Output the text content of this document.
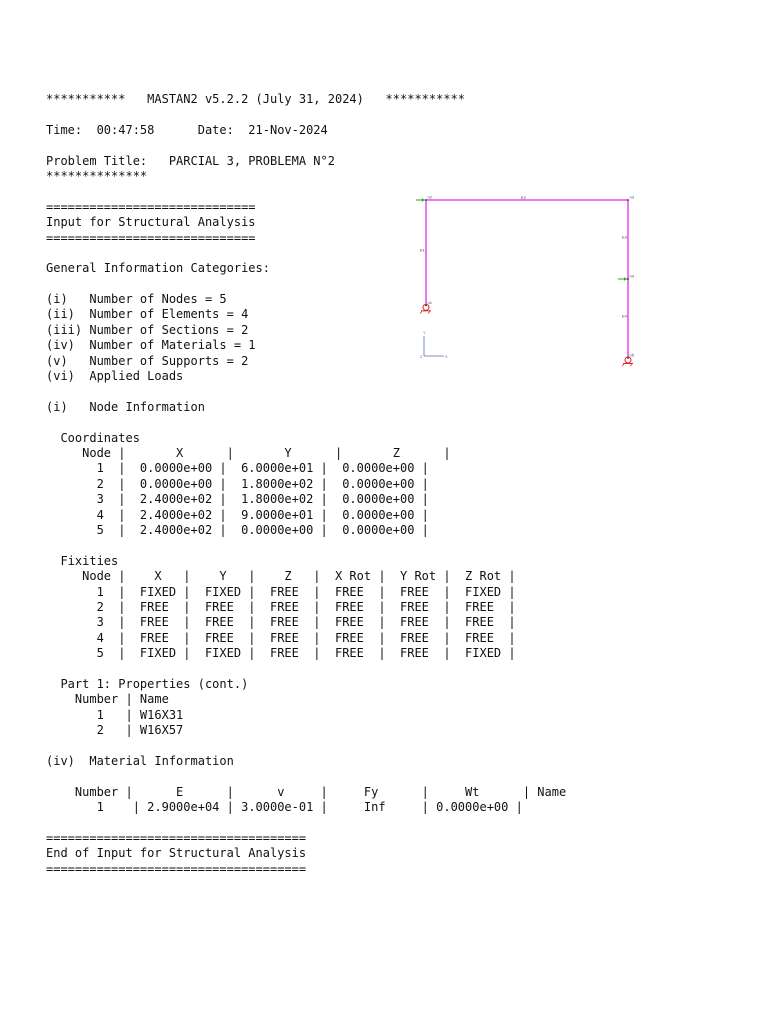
***********   MASTAN2 v5.2.2 (July 31, 2024)   ***********

Time:  00:47:58      Date:  21-Nov-2024

Problem Title:   PARCIAL 3, PROBLEMA N°2
**************

=============================
Input for Structural Analysis
=============================

General Information Categories:

(i)   Number of Nodes = 5
(ii)  Number of Elements = 4
(iii) Number of Sections = 2
(iv)  Number of Materials = 1
(v)   Number of Supports = 2
(vi)  Applied Loads

(i)   Node Information

Coordinates
Node |       X      |       Y      |       Z      |
1  |  0.0000e+00 |  6.0000e+01 |  0.0000e+00 |
2  |  0.0000e+00 |  1.8000e+02 |  0.0000e+00 |
3  |  2.4000e+02 |  1.8000e+02 |  0.0000e+00 |
4  |  2.4000e+02 |  9.0000e+01 |  0.0000e+00 |
5  |  2.4000e+02 |  0.0000e+00 |  0.0000e+00 |

Fixities
Node |    X   |    Y   |    Z   |  X Rot |  Y Rot |  Z Rot |
1  |  FIXED |  FIXED |  FREE  |  FREE  |  FREE  |  FIXED |
2  |  FREE  |  FREE  |  FREE  |  FREE  |  FREE  |  FREE  |
3  |  FREE  |  FREE  |  FREE  |  FREE  |  FREE  |  FREE  |
4  |  FREE  |  FREE  |  FREE  |  FREE  |  FREE  |  FREE  |
5  |  FIXED |  FIXED |  FREE  |  FREE  |  FREE  |  FIXED |

Part 1: Properties (cont.)
Number | Name
1   | W16X31
2   | W16X57

(iv)  Material Information

Number |      E      |      v     |     Fy      |     Wt      | Name
1    | 2.9000e+04 | 3.0000e-01 |     Inf     | 0.0000e+00 |

====================================
End of Input for Structural Analysis
====================================
E1
E2
E3
E4
n1
n2	n3
n4
n5
Y
X
Z
